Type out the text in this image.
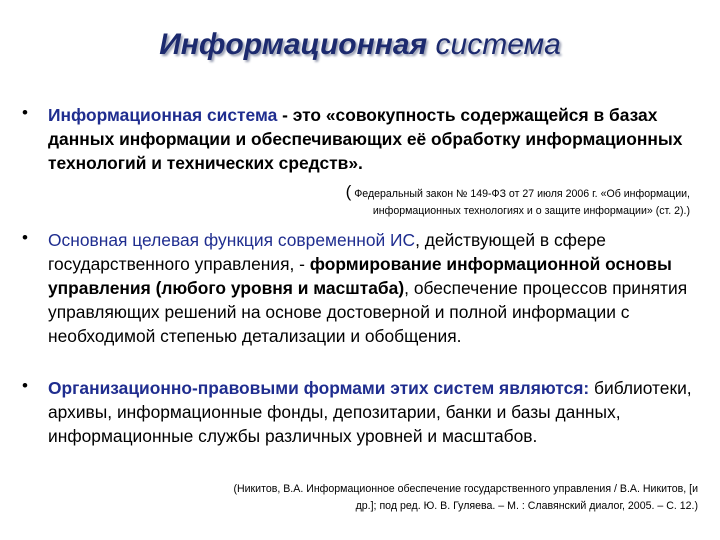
Информационная система
• Информационная система - это «совокупность содержащейся в базах данных информации и обеспечивающих её обработку информационных технологий и технических средств».
( Федеральный закон № 149-ФЗ от 27 июля 2006 г. «Об информации,
информационных технологиях и о защите информации» (ст. 2).)
• Основная целевая функция современной ИС, действующей в сфере государственного управления, - формирование информационной основы управления (любого уровня и масштаба), обеспечение процессов принятия управляющих решений на основе достоверной и полной информации с необходимой степенью детализации и обобщения.
• Организационно-правовыми формами этих систем являются: библиотеки, архивы, информационные фонды, депозитарии, банки и базы данных, информационные службы различных уровней и масштабов.
(Никитов, В.А. Информационное обеспечение государственного управления / В.А. Никитов, [и
др.]; под ред. Ю. В. Гуляева. – М. : Славянский диалог, 2005. – С. 12.)
